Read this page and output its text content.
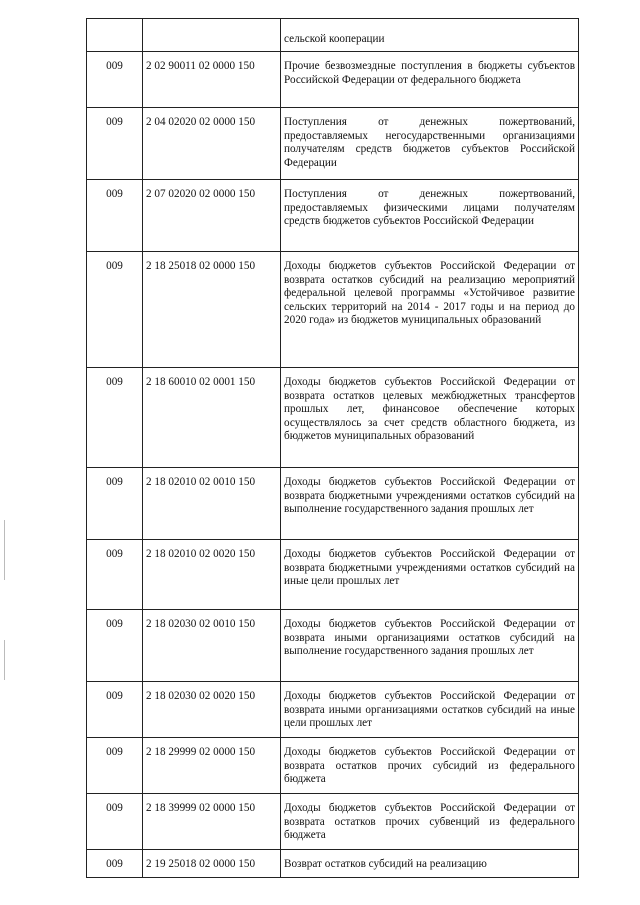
		сельской кооперации
009	2 02 90011 02 0000 150	Прочие безвозмездные поступления в бюджеты субъектов Российской Федерации от федерального бюджета
009	2 04 02020 02 0000 150	Поступления от денежных пожертвований, предоставляемых негосударственными организациями получателям средств бюджетов субъектов Российской Федерации
009	2 07 02020 02 0000 150	Поступления от денежных пожертвований, предоставляемых физическими лицами получателям средств бюджетов субъектов Российской Федерации
009	2 18 25018 02 0000 150	Доходы бюджетов субъектов Российской Федерации от возврата остатков субсидий на реализацию мероприятий федеральной целевой программы «Устойчивое развитие сельских территорий на 2014 - 2017 годы и на период до 2020 года» из бюджетов муниципальных образований
009	2 18 60010 02 0001 150	Доходы бюджетов субъектов Российской Федерации от возврата остатков целевых межбюджетных трансфертов прошлых лет, финансовое обеспечение которых осуществлялось за счет средств областного бюджета, из бюджетов муниципальных образований
009	2 18 02010 02 0010 150	Доходы бюджетов субъектов Российской Федерации от возврата бюджетными учреждениями остатков субсидий на выполнение государственного задания прошлых лет
009	2 18 02010 02 0020 150	Доходы бюджетов субъектов Российской Федерации от возврата бюджетными учреждениями остатков субсидий на иные цели прошлых лет
009	2 18 02030 02 0010 150	Доходы бюджетов субъектов Российской Федерации от возврата иными организациями остатков субсидий на выполнение государственного задания прошлых лет
009	2 18 02030 02 0020 150	Доходы бюджетов субъектов Российской Федерации от возврата иными организациями остатков субсидий на иные цели прошлых лет
009	2 18 29999 02 0000 150	Доходы бюджетов субъектов Российской Федерации от возврата остатков прочих субсидий из федерального бюджета
009	2 18 39999 02 0000 150	Доходы бюджетов субъектов Российской Федерации от возврата остатков прочих субвенций из федерального бюджета
009	2 19 25018 02 0000 150	Возврат остатков субсидий на реализацию
